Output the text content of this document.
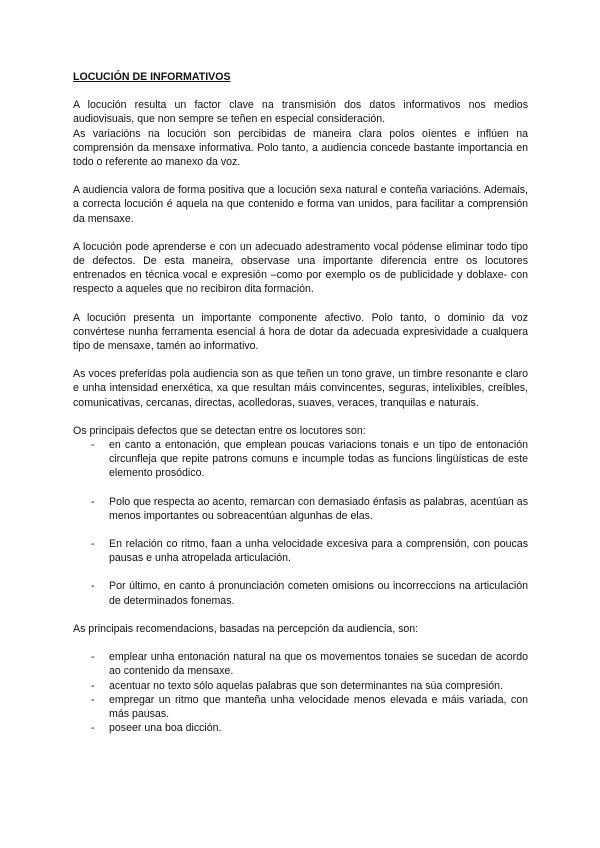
LOCUCIÓN DE INFORMATIVOS

A locución resulta un factor clave na transmisión dos datos informativos nos medios audiovisuais, que non sempre se teñen en especial consideración.

As variacións na locución son percibidas de maneira clara polos oíentes e inflúen na comprensión da mensaxe informativa. Polo tanto, a audiencia concede bastante importancia en todo o referente ao manexo da voz.

A audiencia valora de forma positiva que a locución sexa natural e conteña variacións. Ademais, a correcta locución é aquela na que contenido e forma van unidos, para facilitar a comprensión da mensaxe.

A locución pode aprenderse e con un adecuado adestramento vocal pódense eliminar todo tipo de defectos. De esta maneira, observase una importante diferencia entre os locutores entrenados en técnica vocal e expresión –como por exemplo os de publicidade y doblaxe- con respecto a aqueles que no recibiron dita formación.

A locución presenta un importante componente afectivo. Polo tanto, o dominio da voz convértese nunha ferramenta esencial á hora de dotar da adecuada expresividade a cualquera tipo de mensaxe, tamén ao informativo.

As voces preferidas pola audiencia son as que teñen un tono grave, un timbre resonante e claro e unha intensidad enerxética, xa que resultan máis convincentes, seguras, intelixibles, creíbles, comunicativas, cercanas, directas, acolledoras, suaves, veraces, tranquilas e naturais.

Os principais defectos que se detectan entre os locutores son:

- en canto a entonación, que emplean poucas variacions tonais e un tipo de entonación circunfleja que repite patrons comuns e incumple todas as funcions lingüísticas de este elemento prosódico.
- Polo que respecta ao acento, remarcan con demasiado énfasis as palabras, acentúan as menos importantes ou sobreacentúan algunhas de elas.
- En relación co ritmo, faan a unha velocidade excesiva para a comprensión, con poucas pausas e unha atropelada articulación.
- Por último, en canto á pronunciación cometen omisions ou incorreccions na articulación de determinados fonemas.

As principais recomendacions, basadas na percepción da audiencia, son:

- emplear unha entonación natural na que os movementos tonaies se sucedan de acordo ao contenido da mensaxe.
- acentuar no texto sólo aquelas palabras que son determinantes na súa compresión.
- empregar un ritmo que manteña unha velocidade menos elevada e máis variada, con más pausas.
- poseer una boa dicción.
